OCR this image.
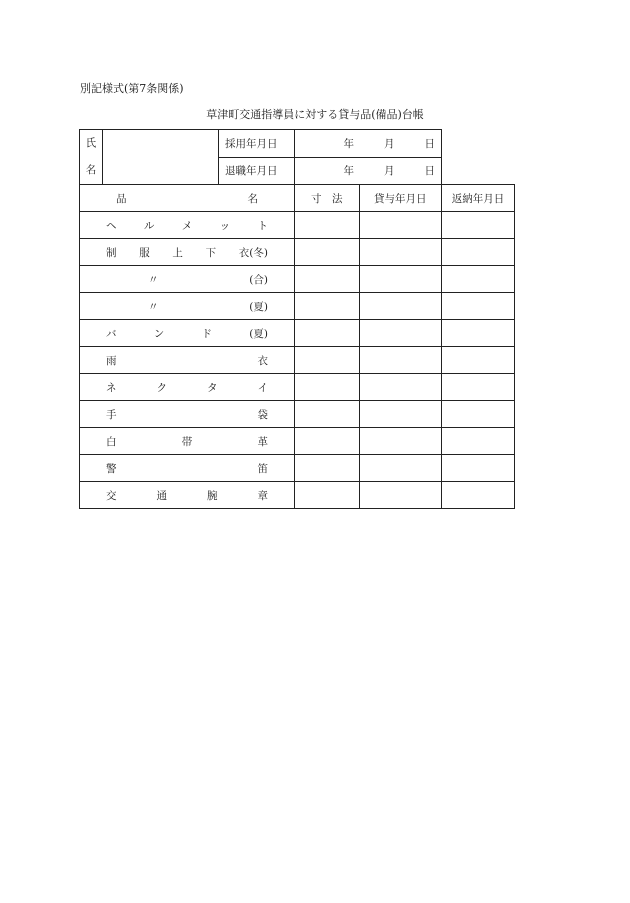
別記様式(第7条関係)
草津町交通指導員に対する貸与品(備品)台帳
氏
名		採用年月日	年 月 日		
		退職年月日	年 月 日		

品 名			寸　法	貸与年月日	返納年月日

ヘ ル メ ッ ト					

制 服 上 下 衣(冬)					

〃 (合)					

〃 (夏)					

バ ン ド (夏)					

雨 衣					

ネ ク タ イ					

手 袋					

白 帯 革					

警 笛					

交 通 腕 章					
